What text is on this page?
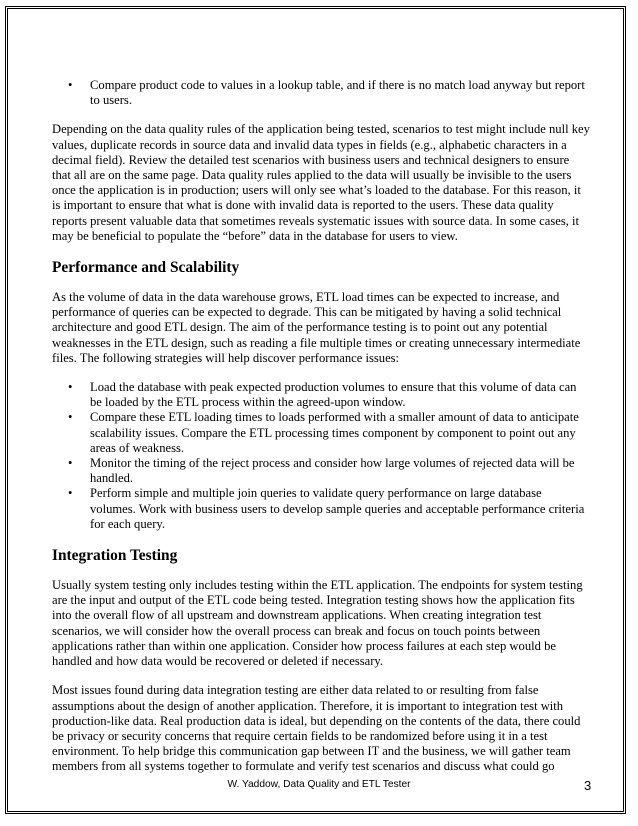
• Compare product code to values in a lookup table, and if there is no match load anyway but report to users.

Depending on the data quality rules of the application being tested, scenarios to test might include null key values, duplicate records in source data and invalid data types in fields (e.g., alphabetic characters in a decimal field). Review the detailed test scenarios with business users and technical designers to ensure that all are on the same page. Data quality rules applied to the data will usually be invisible to the users once the application is in production; users will only see what’s loaded to the database. For this reason, it is important to ensure that what is done with invalid data is reported to the users. These data quality reports present valuable data that sometimes reveals systematic issues with source data. In some cases, it may be beneficial to populate the “before” data in the database for users to view.

Performance and Scalability

As the volume of data in the data warehouse grows, ETL load times can be expected to increase, and performance of queries can be expected to degrade. This can be mitigated by having a solid technical architecture and good ETL design. The aim of the performance testing is to point out any potential weaknesses in the ETL design, such as reading a file multiple times or creating unnecessary intermediate files. The following strategies will help discover performance issues:

• Load the database with peak expected production volumes to ensure that this volume of data can be loaded by the ETL process within the agreed-upon window.
• Compare these ETL loading times to loads performed with a smaller amount of data to anticipate scalability issues. Compare the ETL processing times component by component to point out any areas of weakness.
• Monitor the timing of the reject process and consider how large volumes of rejected data will be handled.
• Perform simple and multiple join queries to validate query performance on large database volumes. Work with business users to develop sample queries and acceptable performance criteria for each query.
Integration Testing

Usually system testing only includes testing within the ETL application. The endpoints for system testing are the input and output of the ETL code being tested. Integration testing shows how the application fits into the overall flow of all upstream and downstream applications. When creating integration test scenarios, we will consider how the overall process can break and focus on touch points between applications rather than within one application. Consider how process failures at each step would be handled and how data would be recovered or deleted if necessary.

Most issues found during data integration testing are either data related to or resulting from false assumptions about the design of another application. Therefore, it is important to integration test with production-like data. Real production data is ideal, but depending on the contents of the data, there could be privacy or security concerns that require certain fields to be randomized before using it in a test environment. To help bridge this communication gap between IT and the business, we will gather team members from all systems together to formulate and verify test scenarios and discuss what could go

W. Yaddow, Data Quality and ETL Tester	3
